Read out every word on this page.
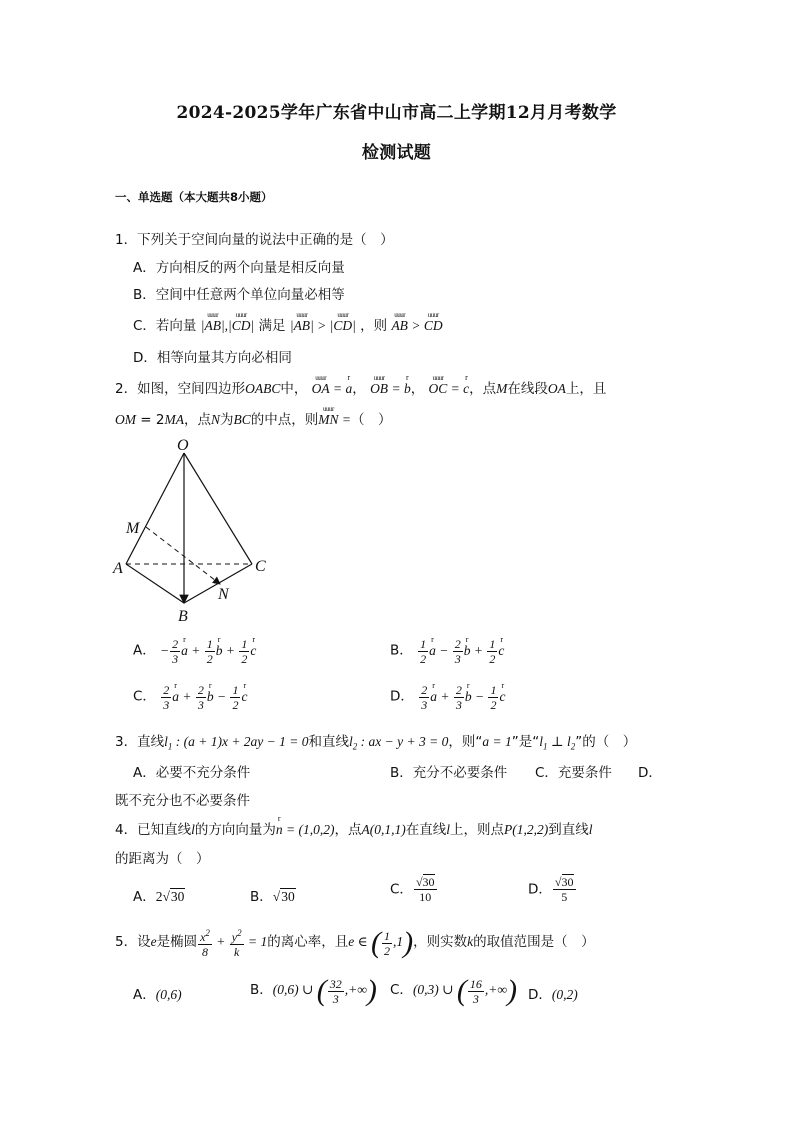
2024-2025学年广东省中山市高二上学期12月月考数学
检测试题
一、单选题（本大题共8小题）
1．下列关于空间向量的说法中正确的是（　）
A．方向相反的两个向量是相反向量
B．空间中任意两个单位向量必相等
C．若向量 |uuur AB|,|uuur CD| 满足 |uuur AB| > |uuur CD| ，则 uuur AB > uuur CD
D．相等向量其方向必相同
2．如图，空间四边形OABC中， uuur OA = r a， uuur OB = r b， uuur OC = r c，点M在线段OA上，且
OM = 2MA，点N为BC的中点，则uuur MN =（　）
O
M
A	C
N
B
A． − $\frac{2}{3}$ r $a + \frac{1}{2}$ r $b + \frac{1}{2}$ r c	B． $\frac{1}{2}$ r $a - \frac{2}{3}$ r $b + \frac{1}{2}$ r c
C． $\frac{2}{3}$ r $a + \frac{2}{3}$ r $b - \frac{1}{2}$ r c	D． $\frac{2}{3}$ r $a + \frac{2}{3}$ r $b - \frac{1}{2}$ r c
3．直线$l_1$ : (a + 1)x + 2ay − 1 = 0和直线$l_2$ : ax − y + 3 = 0，则“a = 1”是“$l_1$ ⊥ $l_2$”的（　）
A．必要不充分条件	B．充分不必要条件 C．充要条件 D．
既不充分也不必要条件
4．已知直线l的方向向量为r n = (1,0,2)，点A(0,1,1)在直线l上，则点P(1,2,2)到直线l
的距离为（　）
A．2√30	B．√30	C． $\frac{√30}{10}$	D． $\frac{√30}{5}$
5．设e是椭圆 $\frac{x^2}{8} + \frac{y^2}{k} = 1$的离心率，且e ∈ ( $\frac{1}{2} ,1$)，则实数k的取值范围是（　）
A．(0,6)	B．(0,6) ∪ ( $\frac{32}{3}$ ,+∞) C．(0,3) ∪ ( $\frac{16}{3}$ ,+∞) D．(0,2)
